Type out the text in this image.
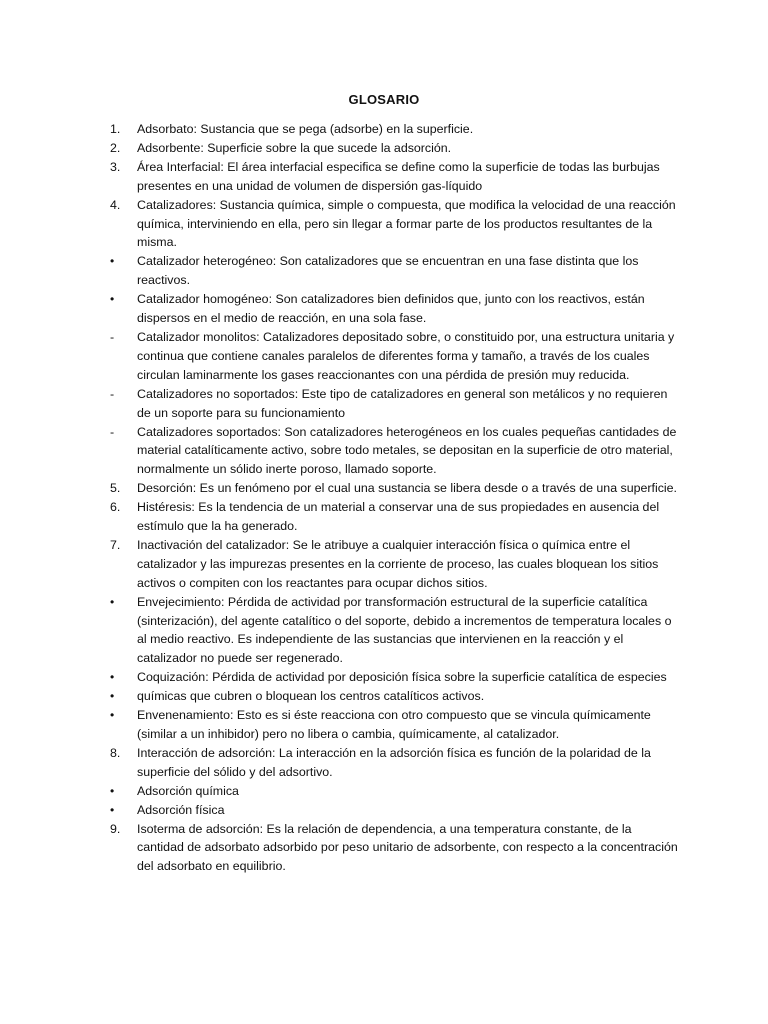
GLOSARIO
1.	Adsorbato: Sustancia que se pega (adsorbe) en la superficie.
2.	Adsorbente: Superficie sobre la que sucede la adsorción.
3.	Área Interfacial: El área interfacial especifica se define como la superficie de todas las burbujas presentes en una unidad de volumen de dispersión gas-líquido
4.	Catalizadores: Sustancia química, simple o compuesta, que modifica la velocidad de una reacción química, interviniendo en ella, pero sin llegar a formar parte de los productos resultantes de la misma.
•	Catalizador heterogéneo: Son catalizadores que se encuentran en una fase distinta que los reactivos.
•	Catalizador homogéneo: Son catalizadores bien definidos que, junto con los reactivos, están dispersos en el medio de reacción, en una sola fase.
-	Catalizador monolitos: Catalizadores depositado sobre, o constituido por, una estructura unitaria y continua que contiene canales paralelos de diferentes forma y tamaño, a través de los cuales circulan laminarmente los gases reaccionantes con una pérdida de presión muy reducida.
-	Catalizadores no soportados: Este tipo de catalizadores en general son metálicos y no requieren de un soporte para su funcionamiento
-	Catalizadores soportados: Son catalizadores heterogéneos en los cuales pequeñas cantidades de material catalíticamente activo, sobre todo metales, se depositan en la superficie de otro material, normalmente un sólido inerte poroso, llamado soporte.
5.	Desorción: Es un fenómeno por el cual una sustancia se libera desde o a través de una superficie.
6.	Histéresis: Es la tendencia de un material a conservar una de sus propiedades en ausencia del estímulo que la ha generado.
7.	Inactivación del catalizador: Se le atribuye a cualquier interacción física o química entre el catalizador y las impurezas presentes en la corriente de proceso, las cuales bloquean los sitios activos o compiten con los reactantes para ocupar dichos sitios.
•	Envejecimiento: Pérdida de actividad por transformación estructural de la superficie catalítica (sinterización), del agente catalítico o del soporte, debido a incrementos de temperatura locales o al medio reactivo. Es independiente de las sustancias que intervienen en la reacción y el catalizador no puede ser regenerado.
•	Coquización: Pérdida de actividad por deposición física sobre la superficie catalítica de especies
•	químicas que cubren o bloquean los centros catalíticos activos.
•	Envenenamiento: Esto es si éste reacciona con otro compuesto que se vincula químicamente (similar a un inhibidor) pero no libera o cambia, químicamente, al catalizador.
8.	Interacción de adsorción: La interacción en la adsorción física es función de la polaridad de la superficie del sólido y del adsortivo.
•	Adsorción química
•	Adsorción física
9.	Isoterma de adsorción: Es la relación de dependencia, a una temperatura constante, de la cantidad de adsorbato adsorbido por peso unitario de adsorbente, con respecto a la concentración del adsorbato en equilibrio.
